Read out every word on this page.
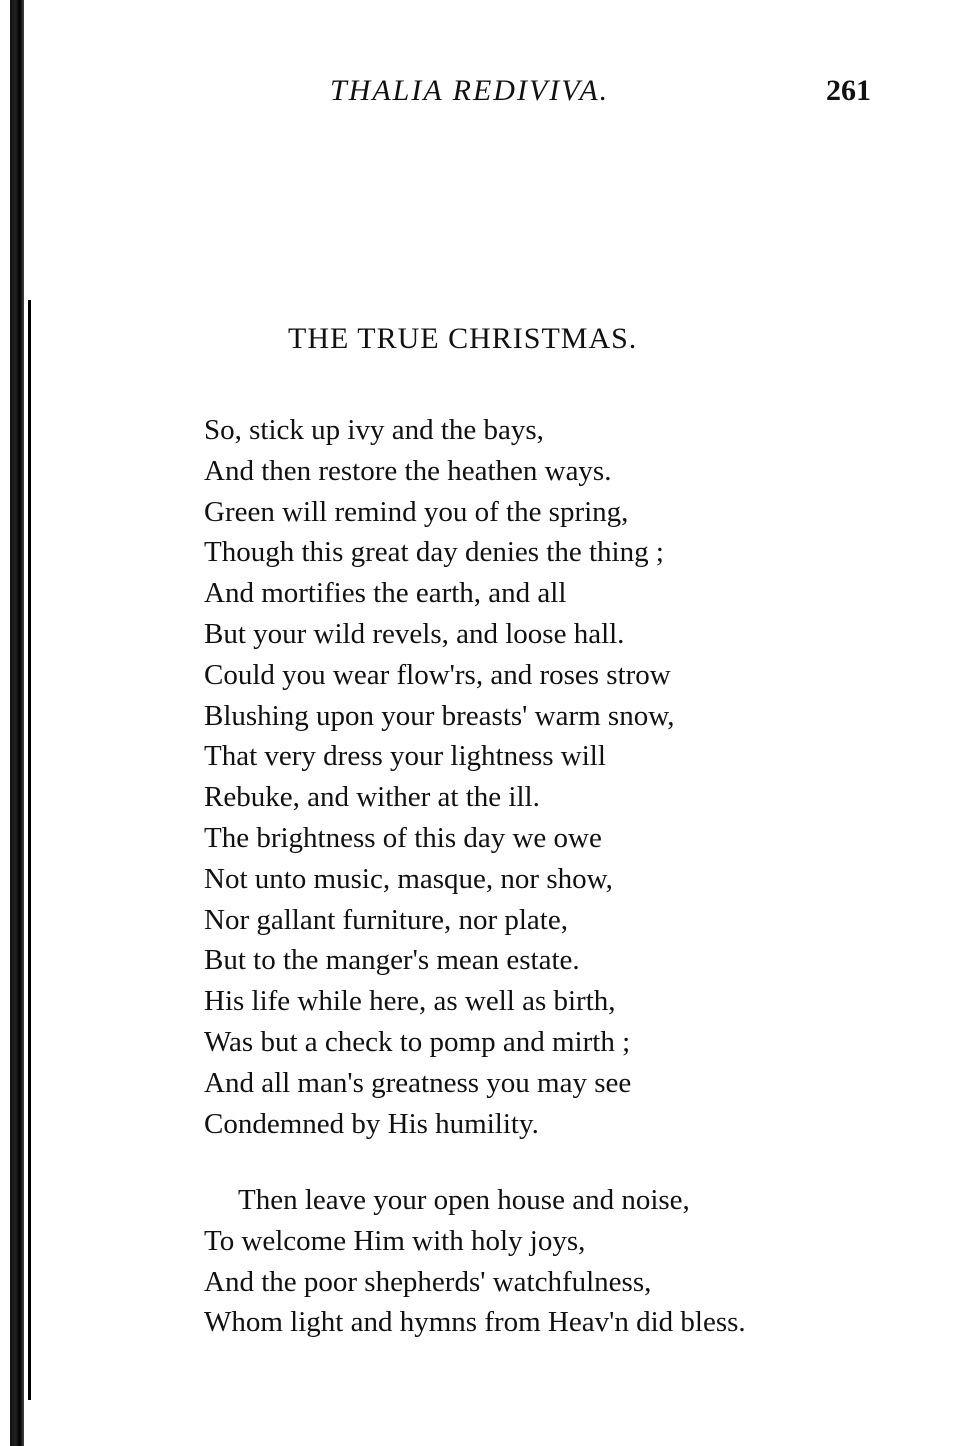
THALIA REDIVIVA.	261
THE TRUE CHRISTMAS.
So, stick up ivy and the bays,
And then restore the heathen ways.
Green will remind you of the spring,
Though this great day denies the thing ;
And mortifies the earth, and all
But your wild revels, and loose hall.
Could you wear flow'rs, and roses strow
Blushing upon your breasts' warm snow,
That very dress your lightness will
Rebuke, and wither at the ill.
The brightness of this day we owe
Not unto music, masque, nor show,
Nor gallant furniture, nor plate,
But to the manger's mean estate.
His life while here, as well as birth,
Was but a check to pomp and mirth ;
And all man's greatness you may see
Condemned by His humility.
Then leave your open house and noise,
To welcome Him with holy joys,
And the poor shepherds' watchfulness,
Whom light and hymns from Heav'n did bless.
